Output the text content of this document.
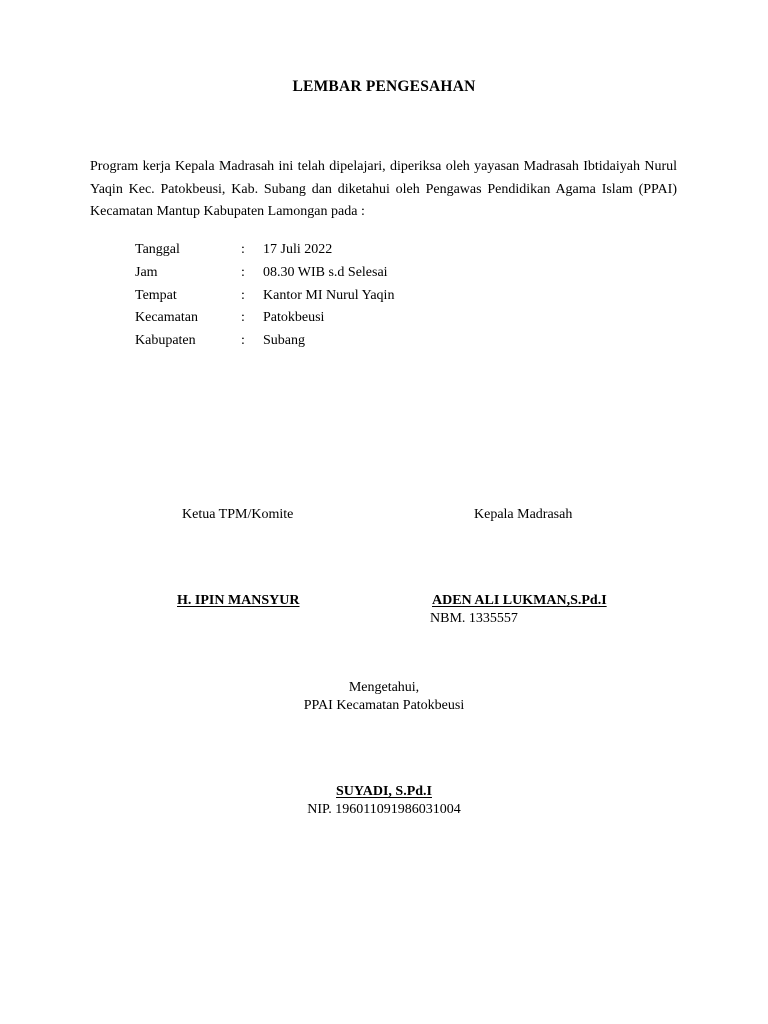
LEMBAR PENGESAHAN
Program kerja Kepala Madrasah ini telah dipelajari, diperiksa oleh yayasan Madrasah Ibtidaiyah Nurul Yaqin Kec. Patokbeusi, Kab. Subang dan diketahui oleh Pengawas Pendidikan Agama Islam (PPAI) Kecamatan Mantup Kabupaten Lamongan pada :
Tanggal	:	17 Juli 2022
Jam	:	08.30 WIB s.d Selesai
Tempat	:	Kantor MI Nurul Yaqin
Kecamatan	:	Patokbeusi
Kabupaten	:	Subang
Ketua TPM/Komite
H. IPIN MANSYUR
Kepala Madrasah
ADEN ALI LUKMAN,S.Pd.I
NBM. 1335557
Mengetahui,
PPAI Kecamatan Patokbeusi
SUYADI, S.Pd.I
NIP. 196011091986031004
